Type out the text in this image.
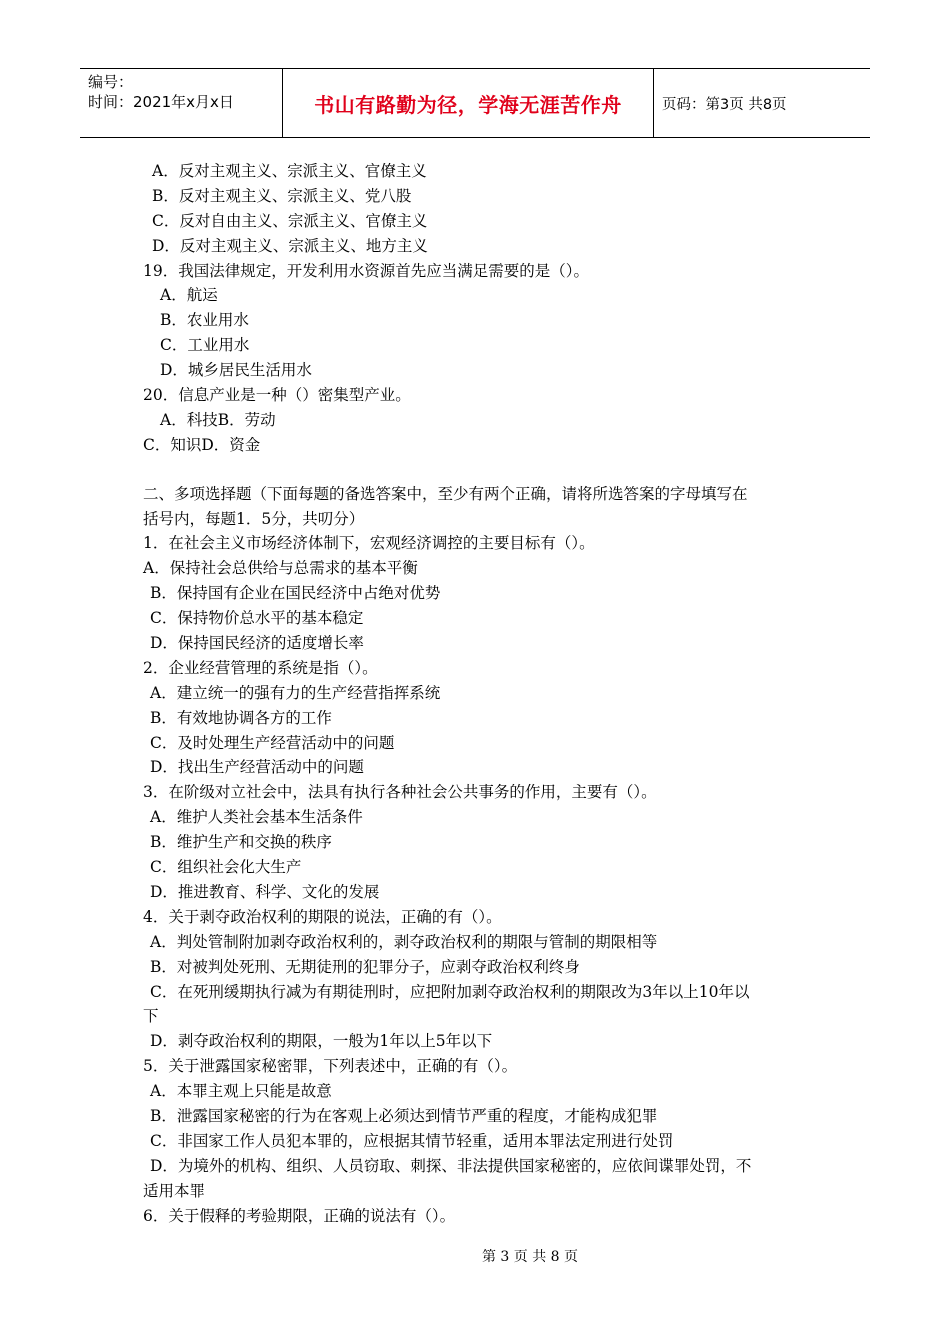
编号：
时间：2021年x月x日	书山有路勤为径，学海无涯苦作舟	页码：第3页 共8页
A．反对主观主义、宗派主义、官僚主义
B．反对主观主义、宗派主义、党八股
C．反对自由主义、宗派主义、官僚主义
D．反对主观主义、宗派主义、地方主义
19．我国法律规定，开发利用水资源首先应当满足需要的是（）。
A．航运
B．农业用水
C．工业用水
D．城乡居民生活用水
20．信息产业是一种（）密集型产业。
A．科技B．劳动
C．知识D．资金
二、多项选择题（下面每题的备选答案中，至少有两个正确，请将所选答案的字母填写在
括号内，每题1．5分，共叨分）
1．在社会主义市场经济体制下，宏观经济调控的主要目标有（）。
A．保持社会总供给与总需求的基本平衡
B．保持国有企业在国民经济中占绝对优势
C．保持物价总水平的基本稳定
D．保持国民经济的适度增长率
2．企业经营管理的系统是指（）。
A．建立统一的强有力的生产经营指挥系统
B．有效地协调各方的工作
C．及时处理生产经营活动中的问题
D．找出生产经营活动中的问题
3．在阶级对立社会中，法具有执行各种社会公共事务的作用，主要有（）。
A．维护人类社会基本生活条件
B．维护生产和交换的秩序
C．组织社会化大生产
D．推进教育、科学、文化的发展
4．关于剥夺政治权利的期限的说法，正确的有（）。
A．判处管制附加剥夺政治权利的，剥夺政治权利的期限与管制的期限相等
B．对被判处死刑、无期徒刑的犯罪分子，应剥夺政治权利终身
C．在死刑缓期执行减为有期徒刑时，应把附加剥夺政治权利的期限改为3年以上10年以
下
D．剥夺政治权利的期限，一般为1年以上5年以下
5．关于泄露国家秘密罪，下列表述中，正确的有（）。
A．本罪主观上只能是故意
B．泄露国家秘密的行为在客观上必须达到情节严重的程度，才能构成犯罪
C．非国家工作人员犯本罪的，应根据其情节轻重，适用本罪法定刑进行处罚
D．为境外的机构、组织、人员窃取、刺探、非法提供国家秘密的，应依间谍罪处罚，不
适用本罪
6．关于假释的考验期限，正确的说法有（）。
第 3 页 共 8 页
